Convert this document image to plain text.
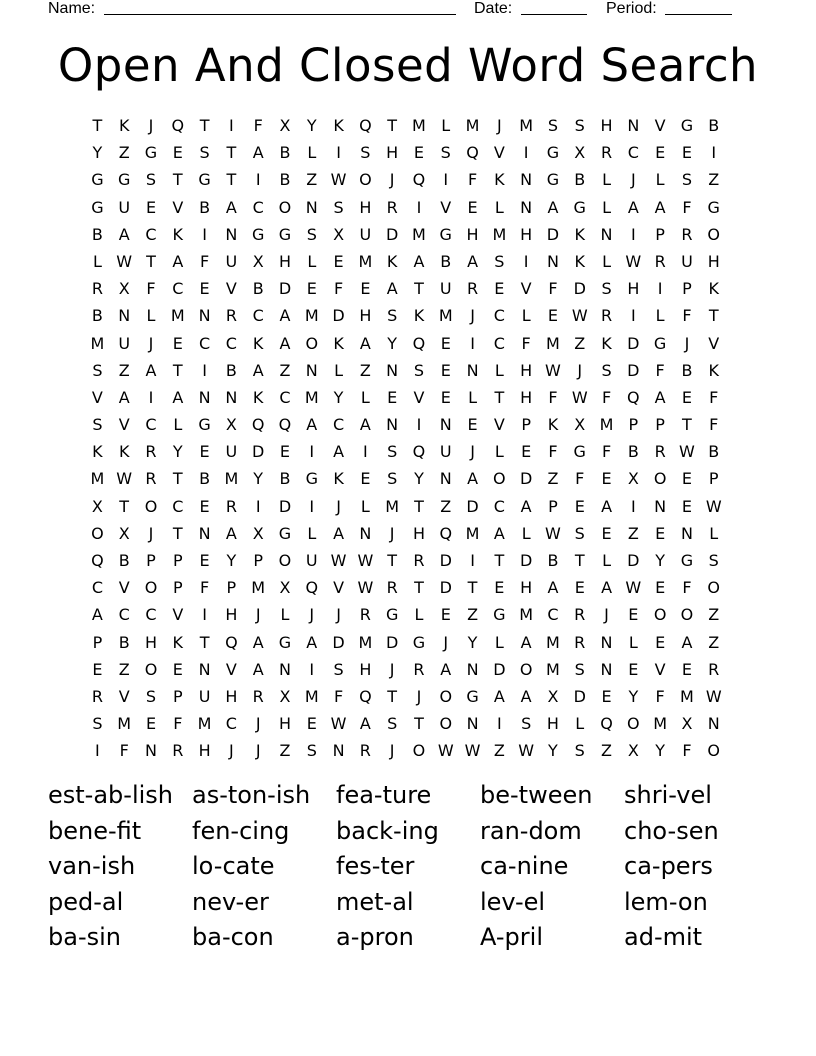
Name:	Date:	Period:
Open And Closed Word Search
T	K	J	Q T	I	F	X	Y	K Q T M L M	J	M S	S H N V G B
Y	Z G E	S	T	A B	L	I	S H E	S Q V	I	G X R C	E	E	I
G G S	T G T	I	B Z W O	J	Q	I	F	K N G B	L	J	L	S	Z
G U E	V B A C O N S H R	I	V	E	L	N A G	L	A A	F G
B A C K	I	N G G S	X U D M G H M H D K N	I	P	R O
L W T	A	F	U X H	L	E M K	A B A	S	I	N K	L W R U H
R X	F	C	E	V B D E	F	E	A	T	U R	E	V	F	D S H	I	P	K
B N	L M N R C A M D H S	K M	J	C	L	E W R	I	L	F	T
M U	J	E	C C K	A O K	A	Y Q E	I	C	F M Z	K D G	J	V
S	Z A	T	I	B A Z N	L	Z N S	E N	L	H W	J	S D	F	B	K
V A	I	A N N K C M Y	L	E	V	E	L	T H	F W F Q A	E	F
S	V C	L	G X Q Q A C A N	I	N E	V	P	K	X M P	P	T	F
K	K R	Y	E U D E	I	A	I	S Q U	J	L	E	F G	F	B R W B
M W R	T	B M Y	B G K	E	S	Y N A O D Z	F	E	X O E	P
X	T O C	E	R	I	D	I	J	L M T	Z D C A	P	E	A	I	N E W
O X	J	T N A X G	L	A N	J	H Q M A	L W S	E	Z	E N	L
Q B	P	P	E	Y	P O U W W T	R D	I	T D B	T	L	D Y G S
C V O P	F	P M X Q V W R	T D T	E H A	E	A W E	F O
A C C V	I	H	J	L	J	J	R G	L	E	Z G M C R	J	E O O Z
P	B H K	T Q A G A D M D G	J	Y	L	A M R N	L	E	A Z
E	Z O E N V A N	I	S H	J	R A N D O M S N E	V	E	R
R V	S	P	U H R X M F Q T	J	O G A A X D E	Y	F M W
S M E	F M C	J	H E W A	S	T O N	I	S H	L	Q O M X N
I	F	N R H	J	J	Z	S N R	J	O W W Z W Y	S	Z X	Y	F O
est-ab-lish as-ton-ish	fea-ture	be-tween	shri-vel
bene-fit	fen-cing	back-ing	ran-dom	cho-sen
van-ish	lo-cate	fes-ter	ca-nine	ca-pers
ped-al	nev-er	met-al	lev-el	lem-on
ba-sin	ba-con	a-pron	A-pril	ad-mit
